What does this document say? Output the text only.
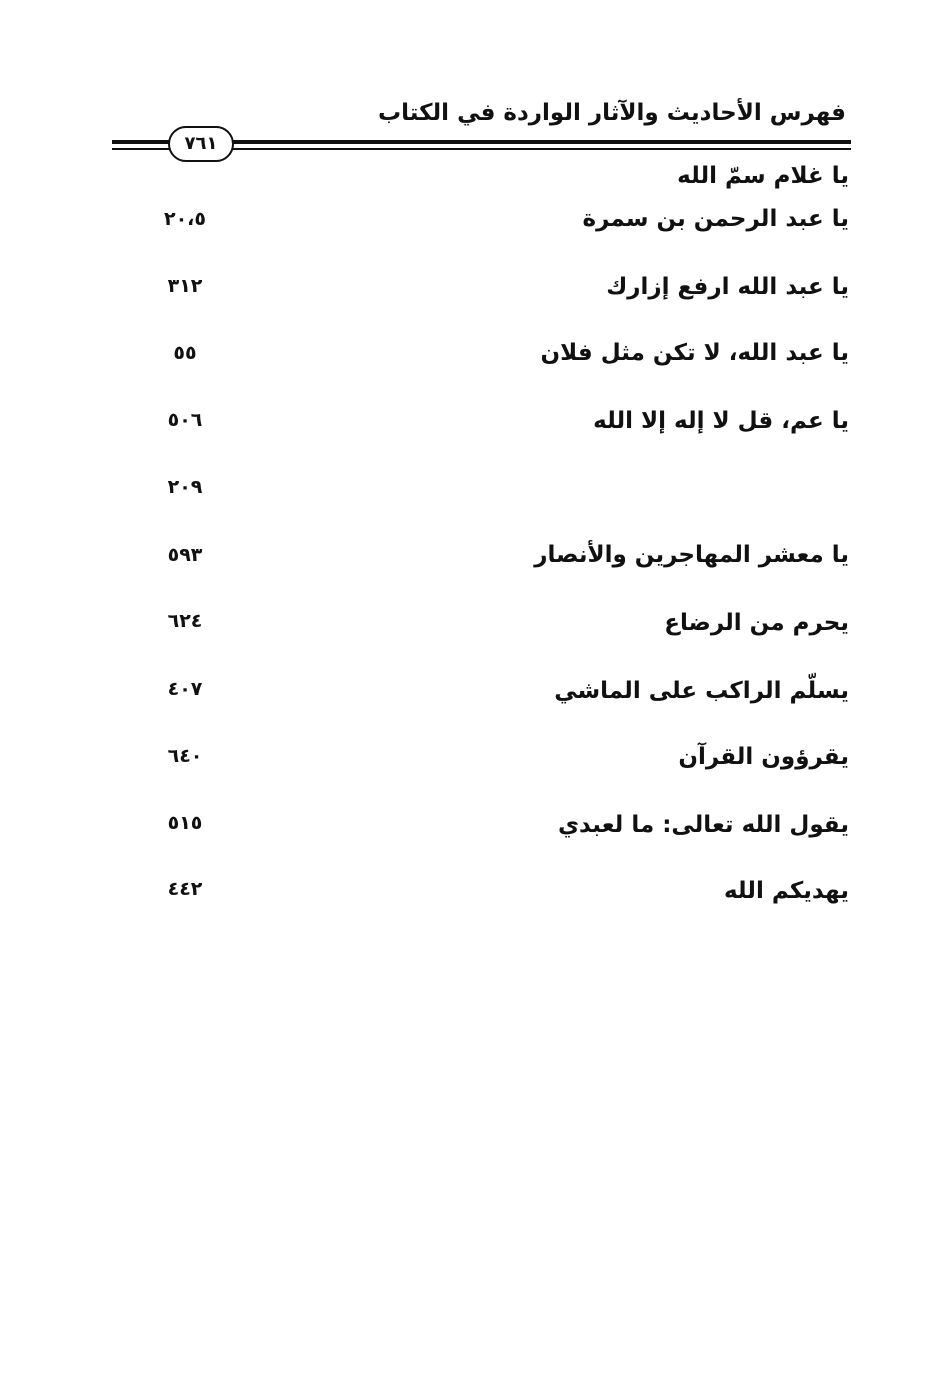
فهرس الأحاديث والآثار الواردة في الكتاب
٧٦١
يا غلام سمّ الله
يا عبد الرحمن بن سمرة
٢٠،٥
يا عبد الله ارفع إزارك
٣١٢
يا عبد الله، لا تكن مثل فلان
٥٥
يا عم، قل لا إله إلا الله
٥٠٦
٢٠٩
يا معشر المهاجرين والأنصار
٥٩٣
يحرم من الرضاع
٦٢٤
يسلّم الراكب على الماشي
٤٠٧
يقرؤون القرآن
٦٤٠
يقول الله تعالى: ما لعبدي
٥١٥
يهديكم الله
٤٤٢
